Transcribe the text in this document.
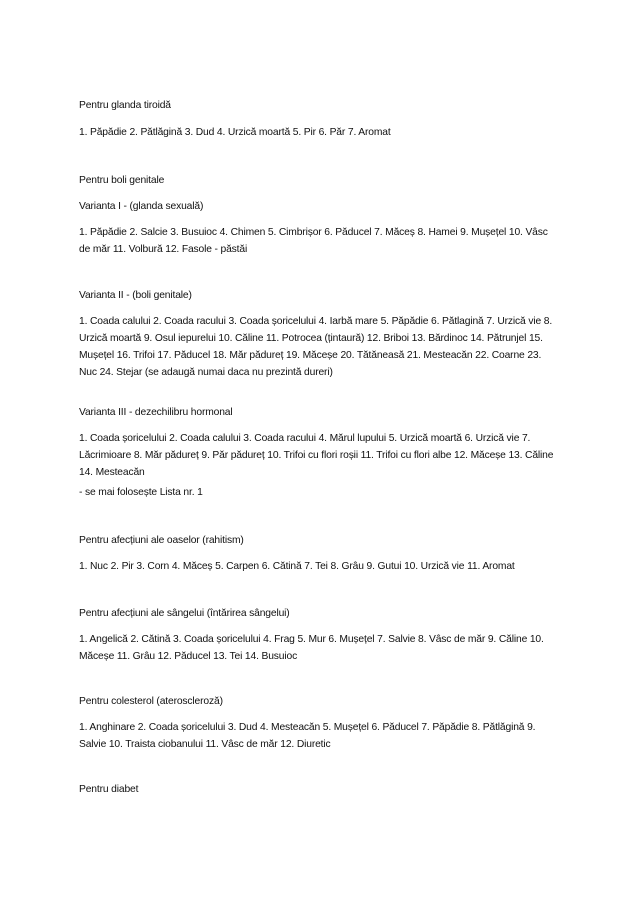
Pentru glanda tiroidă

1. Păpădie 2. Pătlăgină 3. Dud 4. Urzică moartă 5. Pir 6. Păr 7. Aromat

Pentru boli genitale

Varianta I - (glanda sexuală)

1. Păpădie 2. Salcie 3. Busuioc 4. Chimen 5. Cimbrișor 6. Păducel 7. Măceș 8. Hamei 9. Mușețel 10. Vâsc de măr 11. Volbură 12. Fasole - păstăi

Varianta II - (boli genitale)

1. Coada calului 2. Coada racului 3. Coada șoricelului 4. Iarbă mare 5. Păpădie 6. Pătlagină 7. Urzică vie 8. Urzică moartă 9. Osul iepurelui 10. Căline 11. Potrocea (țintaură) 12. Briboi 13. Bărdinoc 14. Pătrunjel 15. Mușețel 16. Trifoi 17. Păducel 18. Măr pădureț 19. Măceșe 20. Tătăneasă 21. Mesteacăn 22. Coarne 23. Nuc 24. Stejar (se adaugă numai daca nu prezintă dureri)

Varianta III - dezechilibru hormonal

1. Coada șoricelului 2. Coada calului 3. Coada racului 4. Mărul lupului 5. Urzică moartă 6. Urzică vie 7. Lăcrimioare 8. Măr pădureț 9. Păr pădureț 10. Trifoi cu flori roșii 11. Trifoi cu flori albe 12. Măceșe 13. Căline 14. Mesteacăn

- se mai folosește Lista nr. 1

Pentru afecțiuni ale oaselor (rahitism)

1. Nuc 2. Pir 3. Corn 4. Măceș 5. Carpen 6. Cătină 7. Tei 8. Grâu 9. Gutui 10. Urzică vie 11. Aromat

Pentru afecțiuni ale sângelui (întărirea sângelui)

1. Angelică 2. Cătină 3. Coada șoricelului 4. Frag 5. Mur 6. Mușețel 7. Salvie 8. Vâsc de măr 9. Căline 10. Măceșe 11. Grâu 12. Păducel 13. Tei 14. Busuioc

Pentru colesterol (ateroscleroză)

1. Anghinare 2. Coada șoricelului 3. Dud 4. Mesteacăn 5. Mușețel 6. Păducel 7. Păpădie 8. Pătlăgină 9. Salvie 10. Traista ciobanului 11. Vâsc de măr 12. Diuretic

Pentru diabet
